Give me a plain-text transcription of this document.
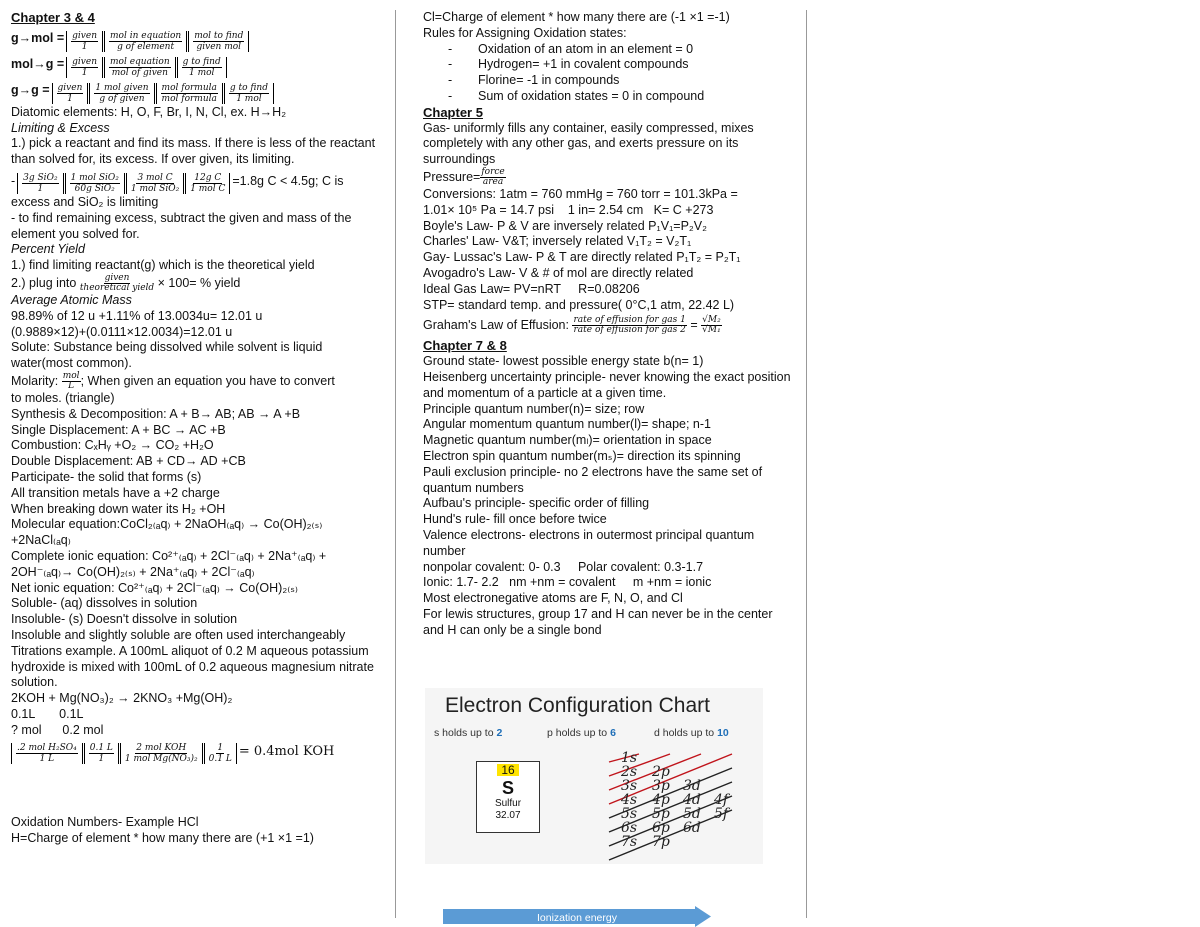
Chapter 3 & 4
g→mol = given
1
mol in equation
g of element
mol to find
given mol
mol→g = given
1
mol equation
mol of given
g to find
1 mol
g→g = given
1
1 mol given
g of given
mol formula
mol formula
g to find
1 mol
Diatomic elements: H, O, F, Br, I, N, Cl, ex. H→H₂
Limiting & Excess
1.) pick a reactant and find its mass. If there is less of the reactant than solved for, its excess. If over given, its limiting.
- 3g SiO₂
1
1 mol SiO₂
60g SiO₂
3 mol C
1 mol SiO₂
12g C
1 mol C
=1.8g C < 4.5g; C is
excess and SiO₂ is limiting
- to find remaining excess, subtract the given and mass of the element you solved for.
Percent Yield
1.) find limiting reactant(g) which is the theoretical yield
2.) plug into $\frac{\text{given}}{\text{theoretical yield}} \times 100=$ % yield
Average Atomic Mass
98.89% of 12 u +1.11% of 13.0034u= 12.01 u
(0.9889×12)+(0.0111×12.0034)=12.01 u
Solute: Substance being dissolved while solvent is liquid water(most common).
Molarity: $\frac{\text{mol}}{L}$ ; When given an equation you have to convert
to moles. (triangle)
Synthesis & Decomposition: A + B→ AB; AB → A +B
Single Displacement: A + BC → AC +B
Combustion: CₓHᵧ +O₂ → CO₂ +H₂O
Double Displacement: AB + CD→ AD +CB
Participate- the solid that forms (s)
All transition metals have a +2 charge
When breaking down water its H₂ +OH
Molecular equation:CoCl₂₍ₐq₎ + 2NaOH₍ₐq₎ → Co(OH)₂₍ₛ₎
+2NaCl₍ₐq₎
Complete ionic equation: Co²⁺₍ₐq₎ + 2Cl⁻₍ₐq₎ + 2Na⁺₍ₐq₎ +
2OH⁻₍ₐq₎→ Co(OH)₂₍ₛ₎ + 2Na⁺₍ₐq₎ + 2Cl⁻₍ₐq₎
Net ionic equation: Co²⁺₍ₐq₎ + 2Cl⁻₍ₐq₎ → Co(OH)₂₍ₛ₎
Soluble- (aq) dissolves in solution
Insoluble- (s) Doesn't dissolve in solution
Insoluble and slightly soluble are often used interchangeably
Titrations example. A 100mL aliquot of 0.2 M aqueous potassium hydroxide is mixed with 100mL of 0.2 aqueous magnesium nitrate solution.
2KOH + Mg(NO₃)₂ → 2KNO₃ +Mg(OH)₂
0.1L       0.1L
? mol      0.2 mol
.2 mol H₂SO₄
1 L	$\frac{0.1 L}{1} 2$ mol KOH
1 mol $Mg(NO_3)_2 \frac{1}{0.1 L} = 0.4mol$ KOH
Oxidation Numbers- Example HCl
H=Charge of element * how many there are (+1 ×1 =1)
Cl=Charge of element * how many there are (-1 ×1 =-1)
Rules for Assigning Oxidation states:
- Oxidation of an atom in an element = 0
- Hydrogen= +1 in covalent compounds
- Florine= -1 in compounds
- Sum of oxidation states = 0 in compound
Chapter 5
Gas- uniformly fills any container, easily compressed, mixes completely with any other gas, and exerts pressure on its surroundings
Pressure= $\frac{\text{force}}{\text{area}}$
Conversions: 1atm = 760 mmHg = 760 torr = 101.3kPa =
1.01× 10⁵ Pa = 14.7 psi    1 in= 2.54 cm   K= C +273
Boyle's Law- P & V are inversely related P₁V₁=P₂V₂
Charles' Law- V&T; inversely related V₁T₂ = V₂T₁
Gay- Lussac's Law- P & T are directly related P₁T₂ = P₂T₁
Avogadro's Law- V & # of mol are directly related
Ideal Gas Law= PV=nRT     R=0.08206
STP= standard temp. and pressure( 0°C,1 atm, 22.42 L)
Graham's Law of Effusion: $\frac{\text{rate of effusion for gas 1}}{\text{rate of effusion for gas 2}} = \frac{\text{√M₂}}{\text{√M₁}}$
Chapter 7 & 8
Ground state- lowest possible energy state b(n= 1)
Heisenberg uncertainty principle- never knowing the exact position and momentum of a particle at a given time.
Principle quantum number(n)= size; row
Angular momentum quantum number(l)= shape; n-1
Magnetic quantum number(mₗ)= orientation in space
Electron spin quantum number(mₛ)= direction its spinning
Pauli exclusion principle- no 2 electrons have the same set of quantum numbers
Aufbau's principle- specific order of filling
Hund's rule- fill once before twice
Valence electrons- electrons in outermost principal quantum number
nonpolar covalent: 0- 0.3     Polar covalent: 0.3-1.7
Ionic: 1.7- 2.2   nm +nm = covalent     m +nm = ionic
Most electronegative atoms are F, N, O, and Cl
For lewis structures, group 17 and H can never be in the center and H can only be a single bond
Electron Configuration Chart
s holds up to 2	p holds up to 6	d holds up to 10
16
S
Sulfur
32.07
1s
2s 2p
3s 3p 3d
4s 4p 4d 4f
5s 5p 5d 5f
6s 6p 6d
7s 7p
Ionization energy
